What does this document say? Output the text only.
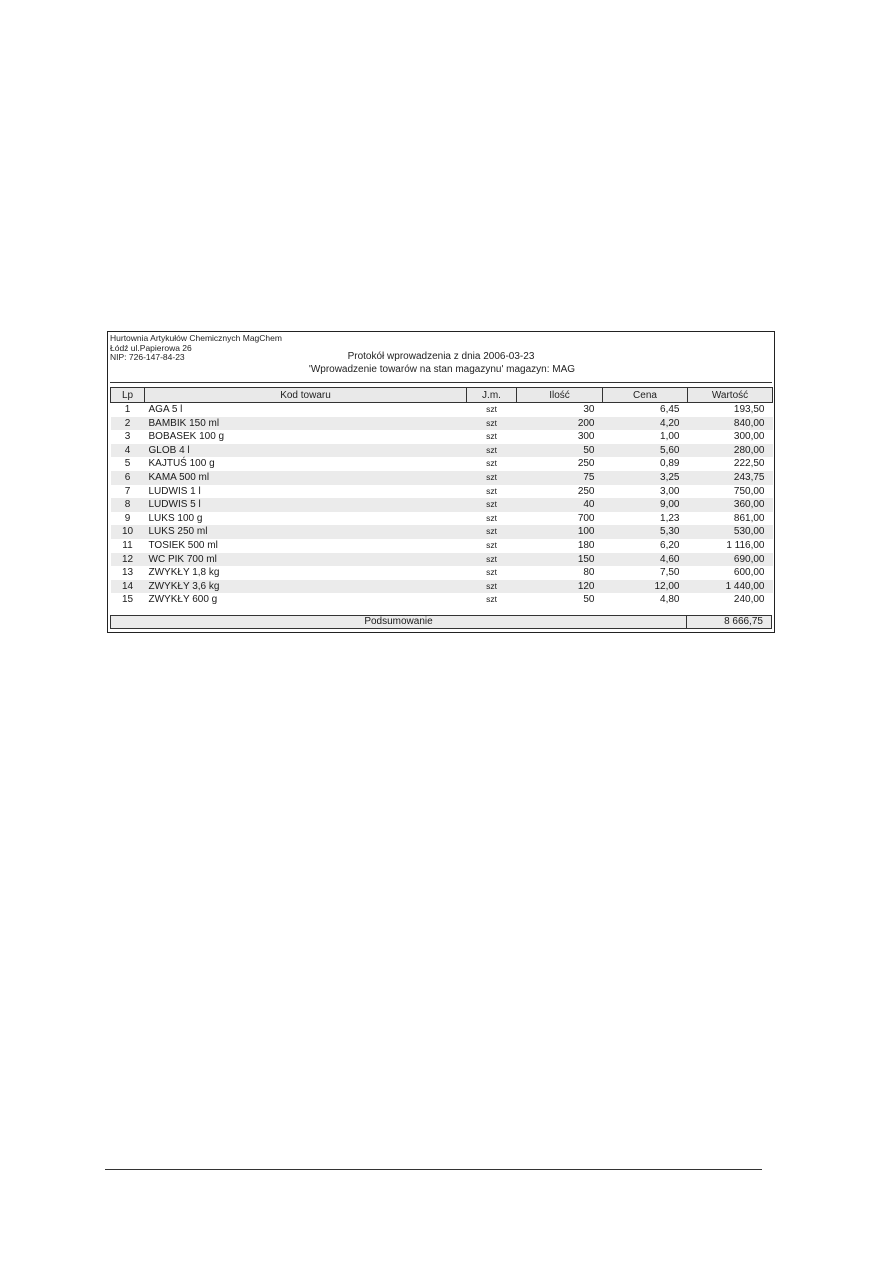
Hurtownia Artykułów Chemicznych MagChem
Łódź ul.Papierowa 26
NIP: 726-147-84-23	Protokół wprowadzenia z dnia 2006-03-23
'Wprowadzenie towarów na stan magazynu' magazyn: MAG
Lp	Kod towaru	J.m.	Ilość	Cena	Wartość
1	AGA 5 l	szt	30	6,45	193,50
2	BAMBIK 150 ml	szt	200	4,20	840,00
3	BOBASEK 100 g	szt	300	1,00	300,00
4	GLOB 4 l	szt	50	5,60	280,00
5	KAJTUŚ 100 g	szt	250	0,89	222,50
6	KAMA 500 ml	szt	75	3,25	243,75
7	LUDWIS 1 l	szt	250	3,00	750,00
8	LUDWIS 5 l	szt	40	9,00	360,00
9	LUKS 100 g	szt	700	1,23	861,00
10	LUKS 250 ml	szt	100	5,30	530,00
11	TOSIEK 500 ml	szt	180	6,20	1 116,00
12	WC PIK 700 ml	szt	150	4,60	690,00
13	ZWYKŁY 1,8 kg	szt	80	7,50	600,00
14	ZWYKŁY 3,6 kg	szt	120	12,00	1 440,00
15	ZWYKŁY 600 g	szt	50	4,80	240,00
Podsumowanie	8 666,75
